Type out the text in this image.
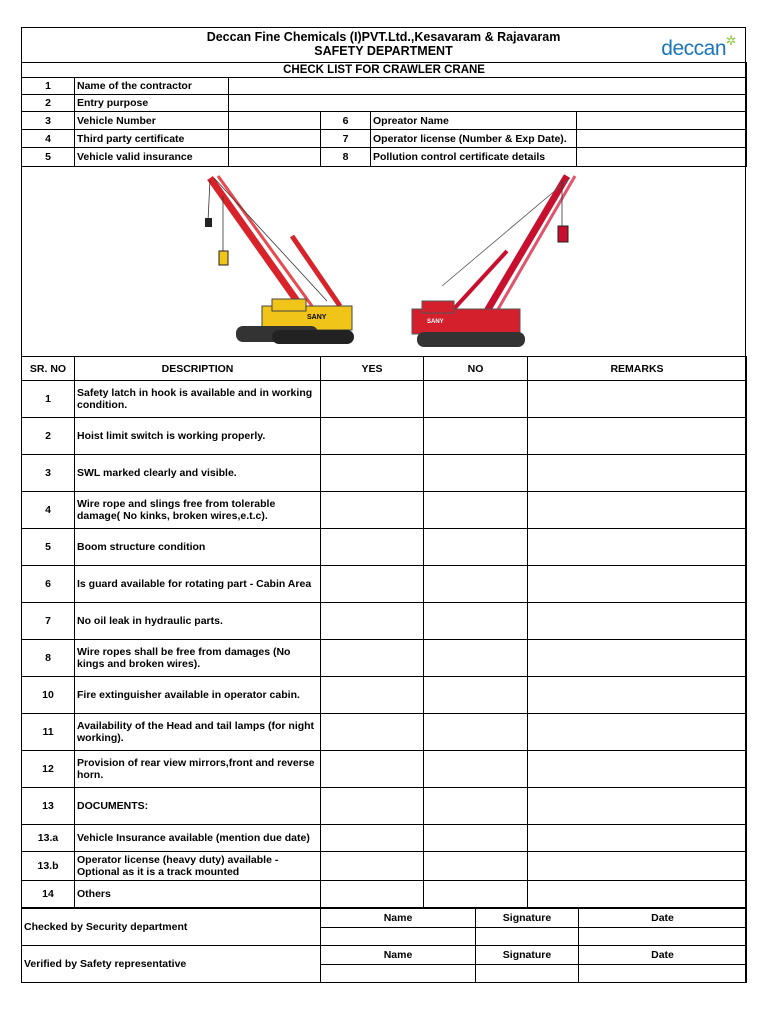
Deccan Fine Chemicals (I)PVT.Ltd.,Kesavaram & Rajavaram
SAFETY DEPARTMENT	deccan ✲
CHECK LIST FOR CRAWLER CRANE					
1	Name of the contractor				
2	Entry purpose				
3	Vehicle Number		6	Opreator Name	
4	Third party certificate		7	Operator license (Number & Exp Date).	
5	Vehicle valid insurance		8	Pollution control certificate details	
SANY
SANY
SR. NO	DESCRIPTION	YES	NO	REMARKS
1	Safety latch in hook is available and in working condition.			
2	Hoist limit switch is working properly.			
3	SWL marked clearly and visible.			
4	Wire rope and slings free from tolerable damage( No kinks, broken wires,e.t.c).			
5	Boom structure condition			
6	Is guard available for rotating part - Cabin Area			
7	No oil leak in hydraulic parts.			
8	Wire ropes shall be free from damages (No kings and broken wires).			
10	Fire extinguisher available in operator cabin.			
11	Availability of the Head and tail lamps (for night working).			
12	Provision of rear view mirrors,front and reverse horn.			
13	DOCUMENTS:			
13.a	Vehicle Insurance available (mention due date)			
13.b	Operator license (heavy duty) available - Optional as it is a track mounted			
14	Others			
Checked by Security department	Name	Signature	Date

Verified by Safety representative	Name	Signature	Date
